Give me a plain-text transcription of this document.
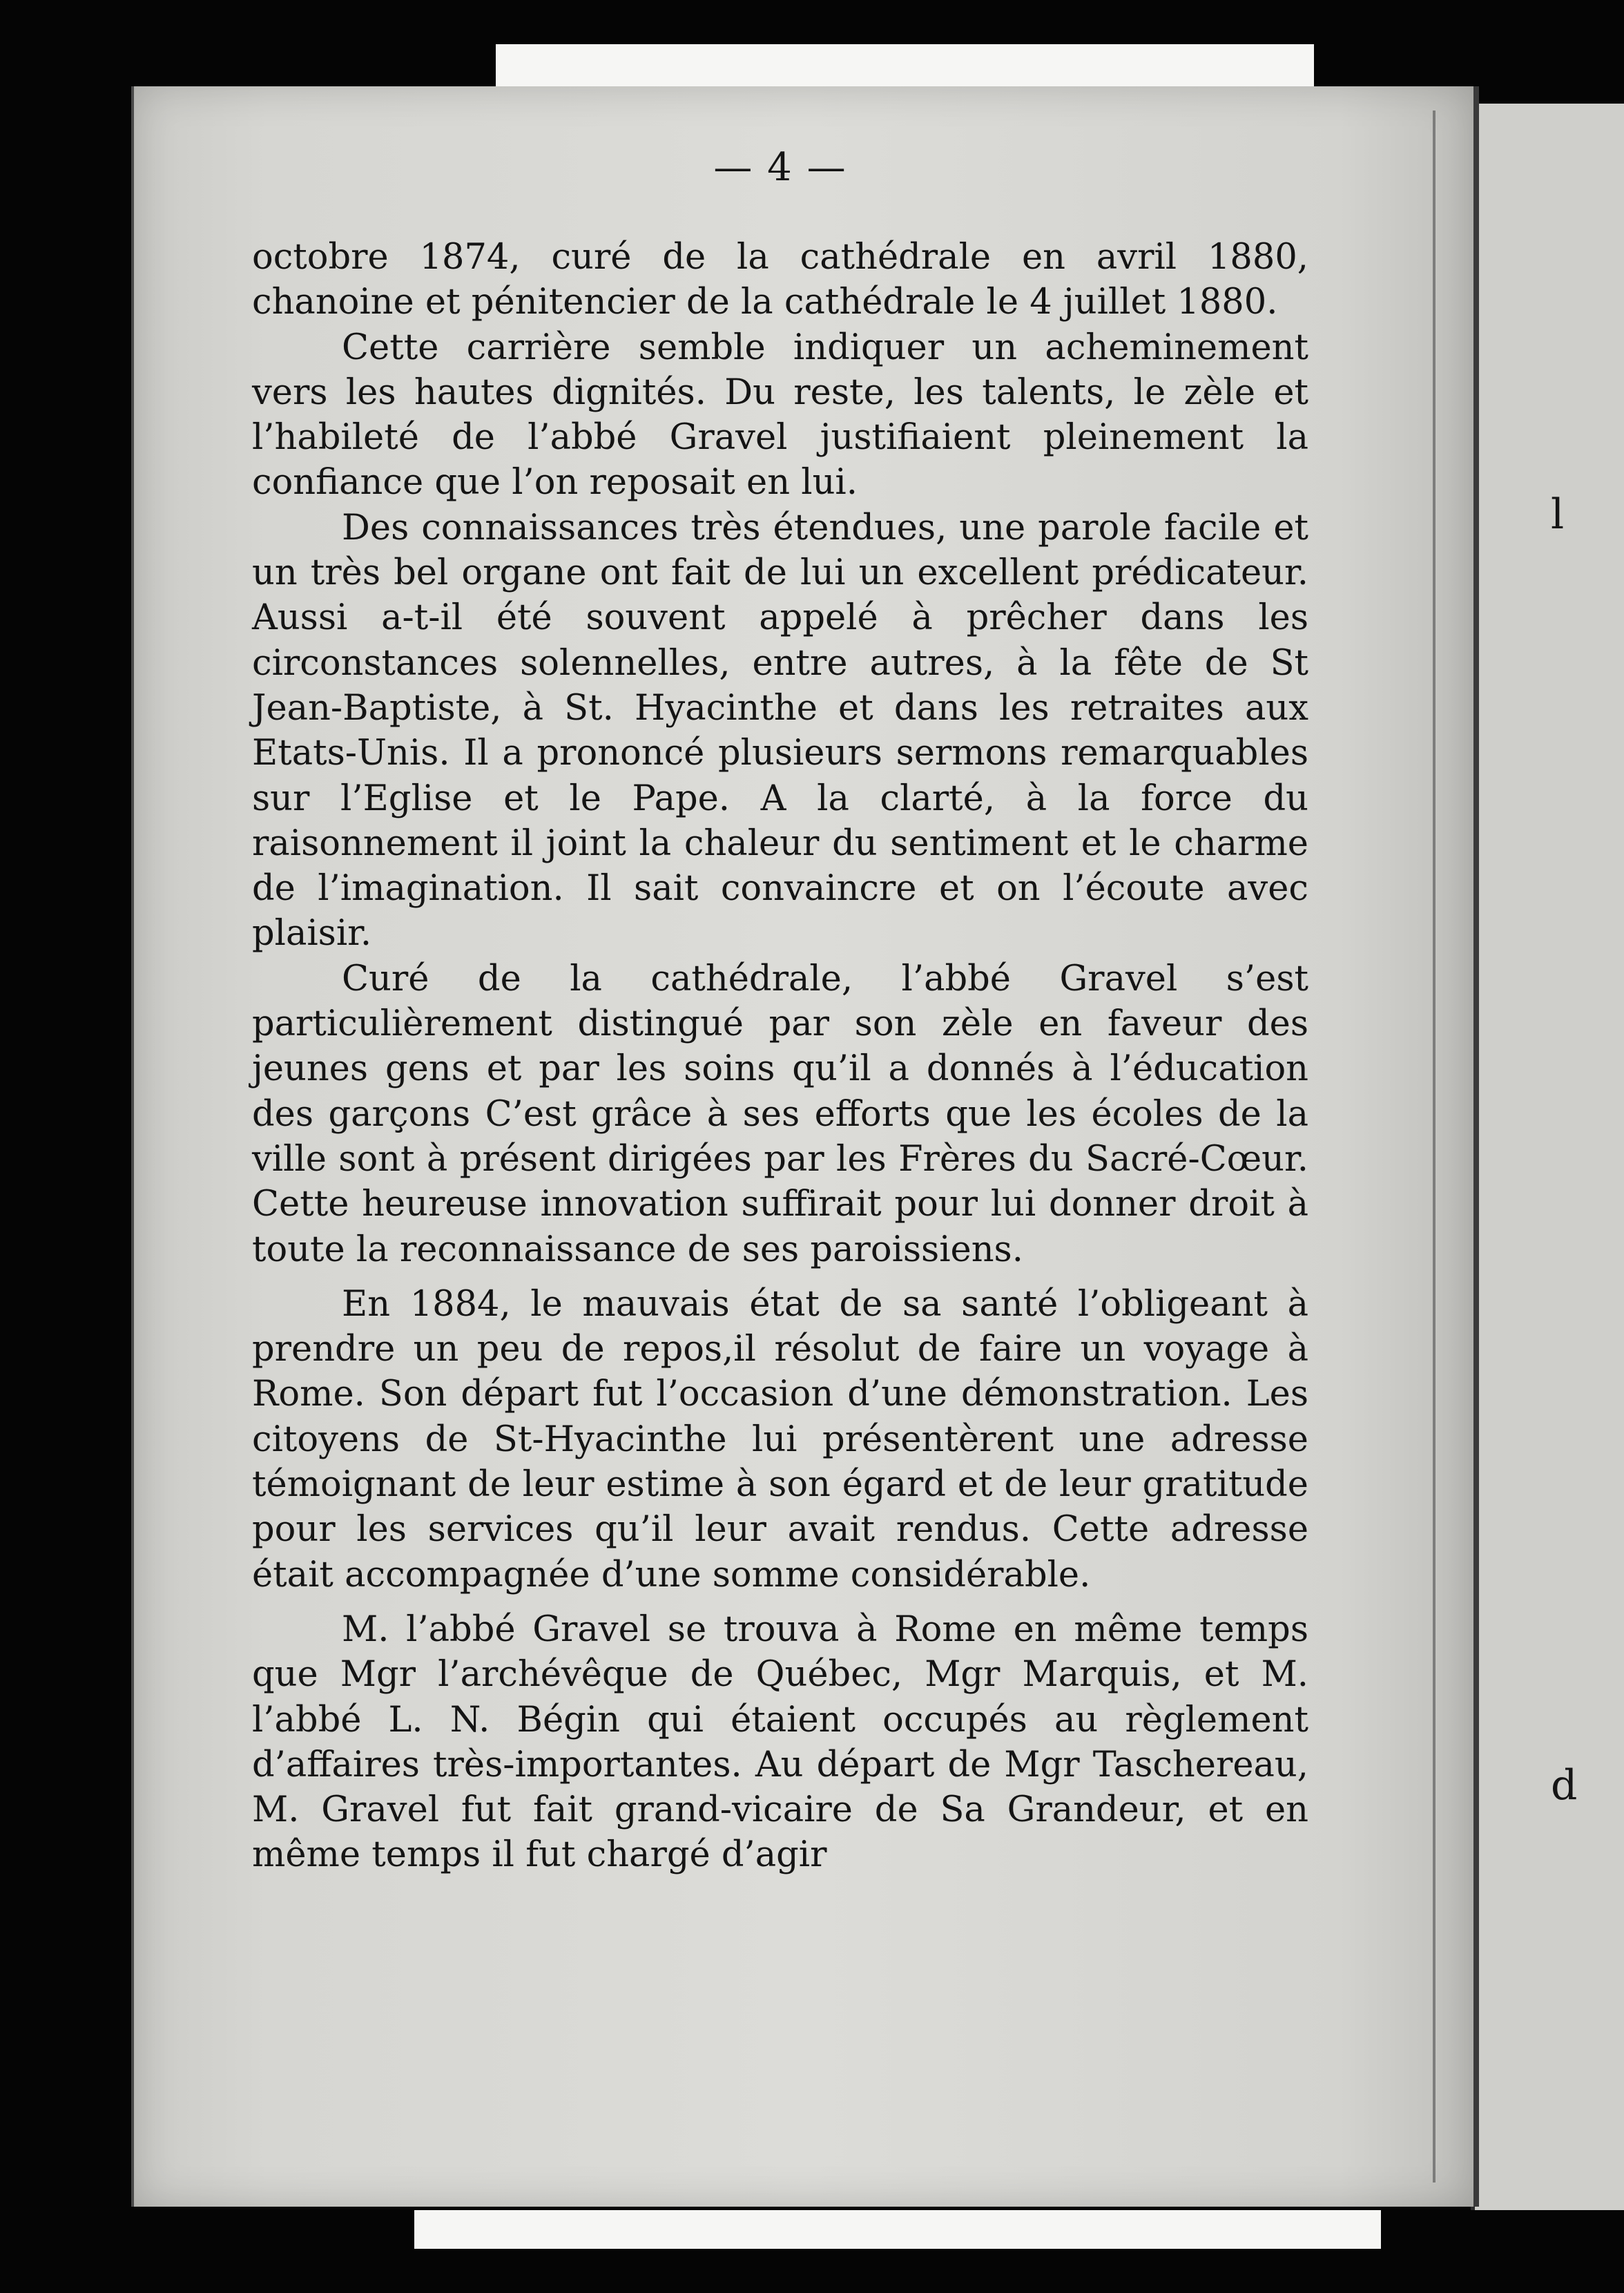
l
d
— 4 —

octobre 1874, curé de la cathédrale en avril 1880, chanoine et pénitencier de la cathédrale le 4 juillet 1880.

Cette carrière semble indiquer un acheminement vers les hautes dignités. Du reste, les talents, le zèle et l’habileté de l’abbé Gravel justifiaient pleinement la confiance que l’on reposait en lui.

Des connaissances très étendues, une parole facile et un très bel organe ont fait de lui un excellent prédicateur. Aussi a-t-il été souvent appelé à prêcher dans les circonstances solennelles, entre autres, à la fête de St Jean-Baptiste, à St. Hyacinthe et dans les retraites aux Etats-Unis. Il a prononcé plusieurs sermons remarquables sur l’Eglise et le Pape. A la clarté, à la force du raisonnement il joint la chaleur du sentiment et le charme de l’imagination. Il sait convaincre et on l’écoute avec plaisir.

Curé de la cathédrale, l’abbé Gravel s’est particulièrement distingué par son zèle en faveur des jeunes gens et par les soins qu’il a donnés à l’éducation des garçons C’est grâce à ses efforts que les écoles de la ville sont à présent dirigées par les Frères du Sacré-Cœur. Cette heureuse innovation suffirait pour lui donner droit à toute la reconnaissance de ses paroissiens.

En 1884, le mauvais état de sa santé l’obligeant à prendre un peu de repos,il résolut de faire un voyage à Rome. Son départ fut l’occasion d’une démonstration. Les citoyens de St-Hyacinthe lui présentèrent une adresse témoignant de leur estime à son égard et de leur gratitude pour les services qu’il leur avait rendus. Cette adresse était accompagnée d’une somme considérable.

M. l’abbé Gravel se trouva à Rome en même temps que Mgr l’archévêque de Québec, Mgr Marquis, et M. l’abbé L. N. Bégin qui étaient occupés au règlement d’affaires très-importantes. Au départ de Mgr Taschereau, M. Gravel fut fait grand-vicaire de Sa Grandeur, et en même temps il fut chargé d’agir
